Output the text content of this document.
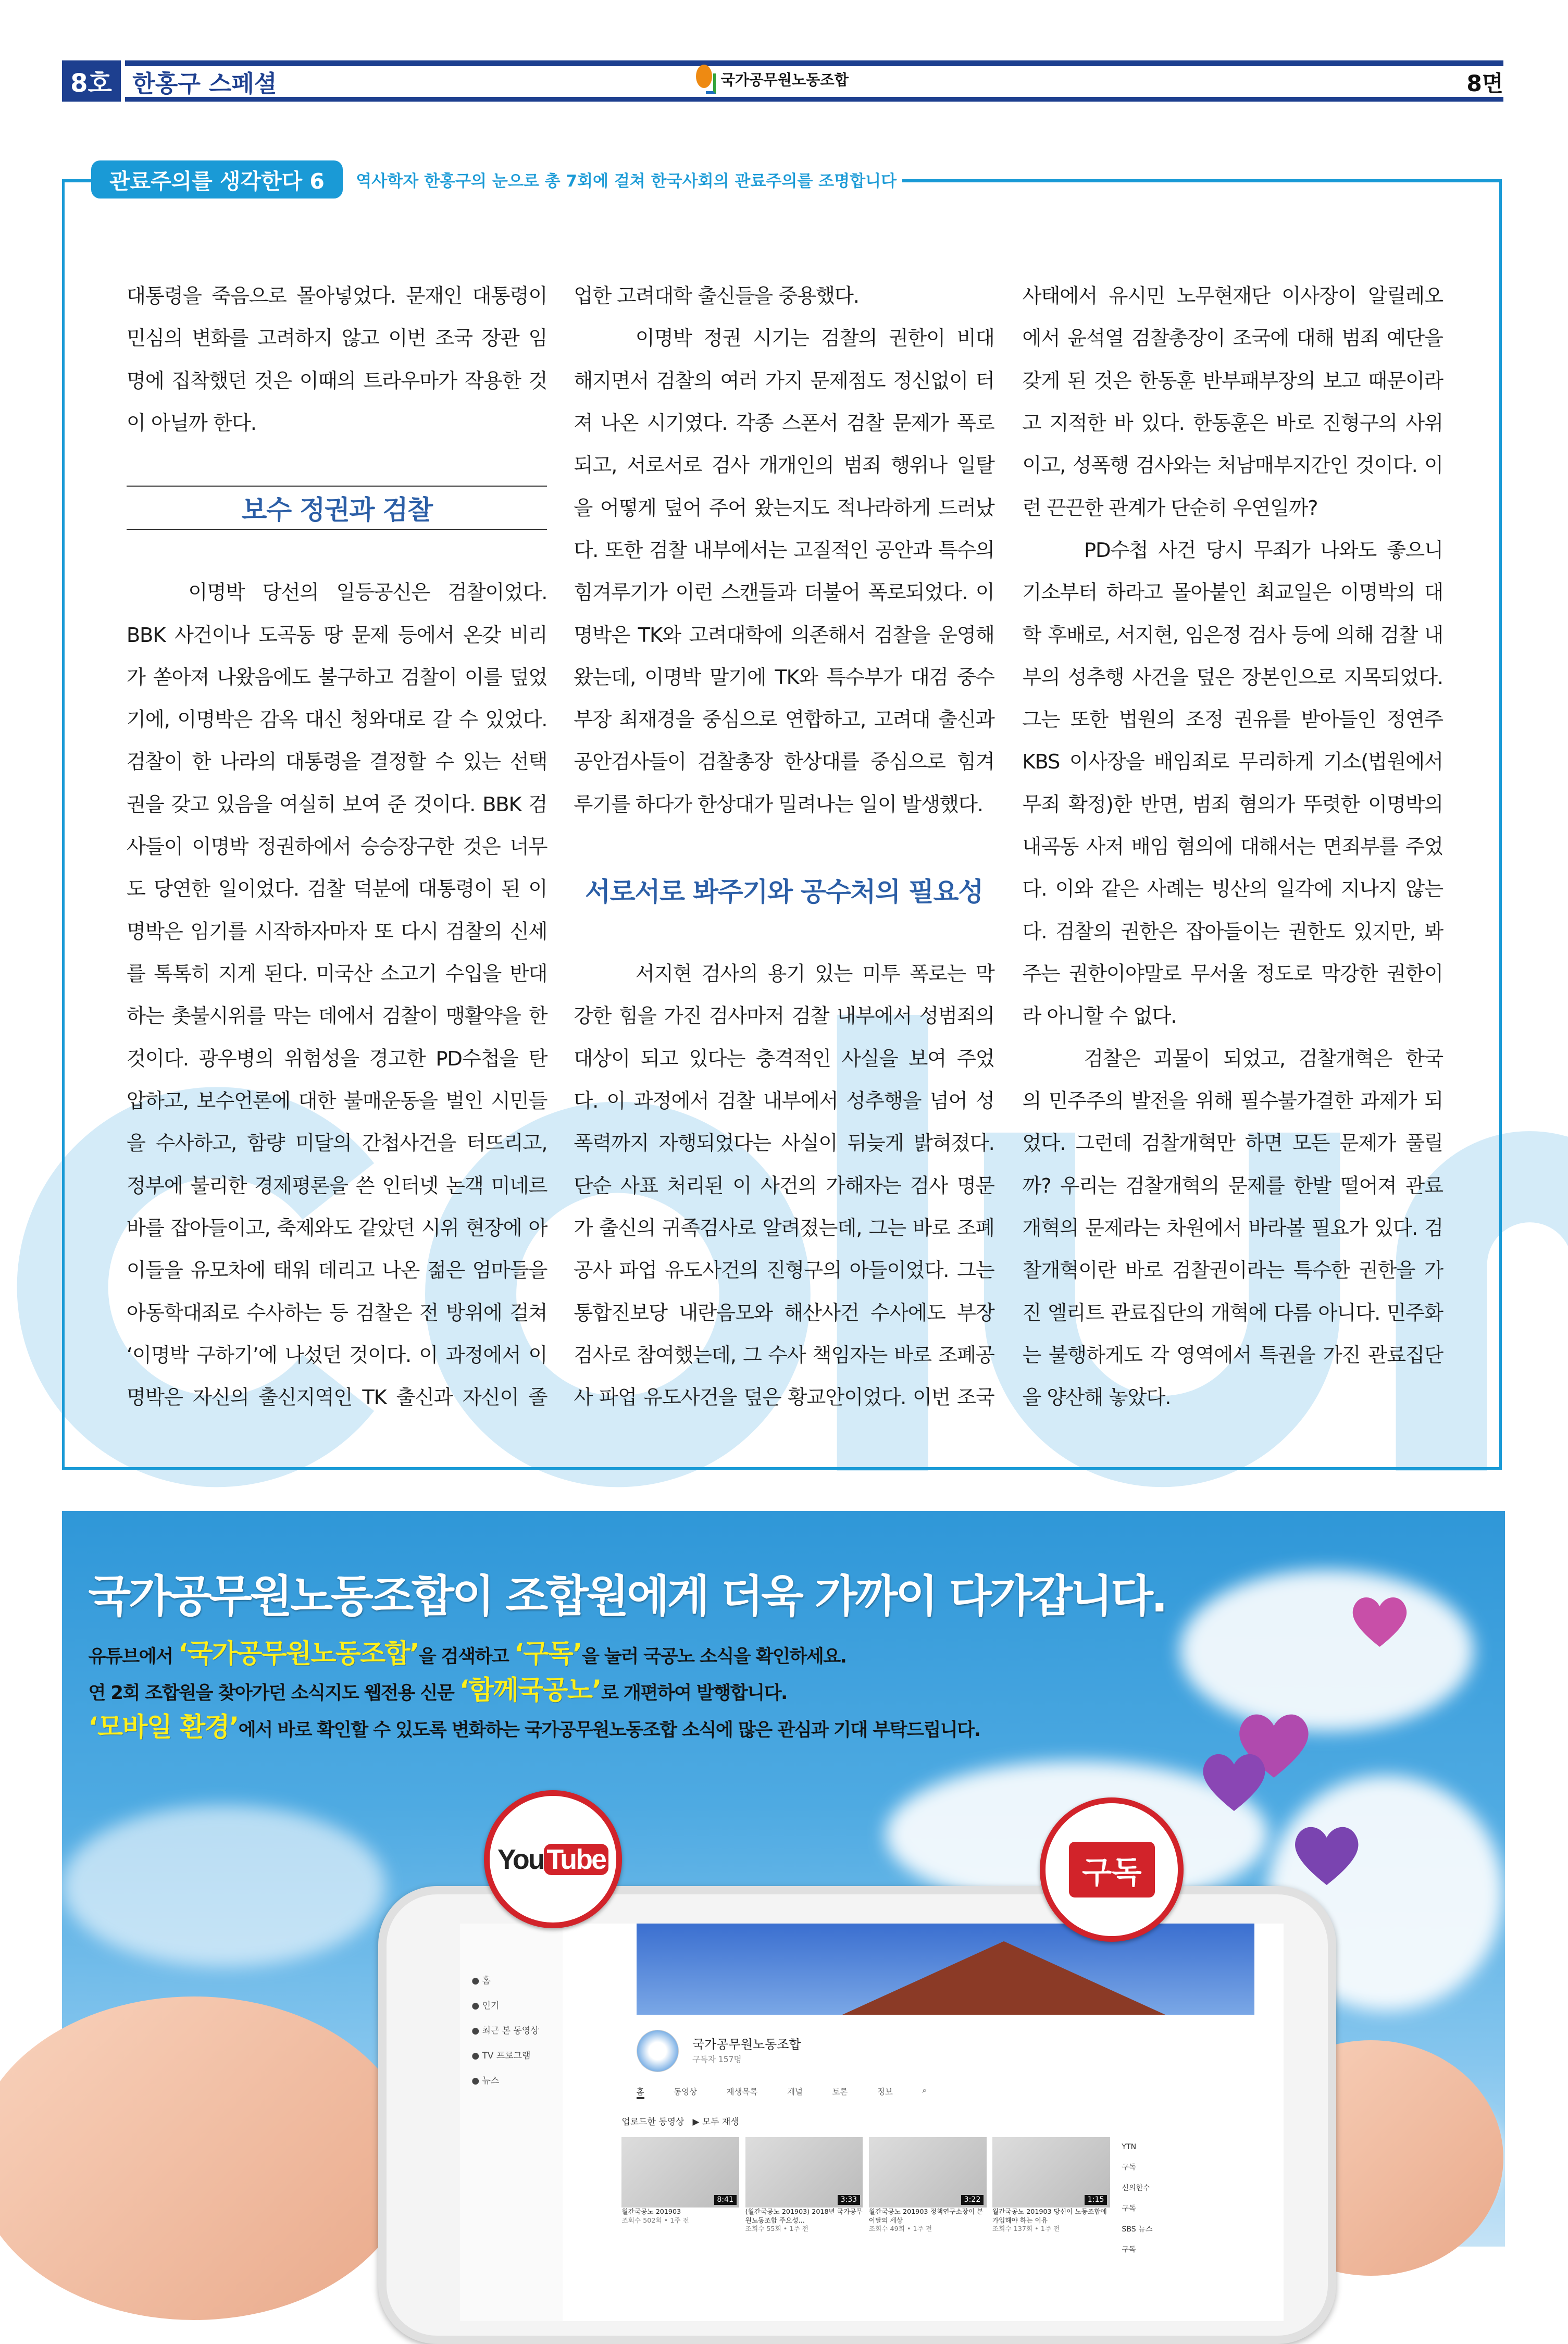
8호 한홍구 스페셜	국가공무원노동조합	8면
관료주의를 생각한다 6	역사학자 한홍구의 눈으로 총 7회에 걸쳐 한국사회의 관료주의를 조명합니다
대통령을 죽음으로 몰아넣었다. 문재인 대통령이
민심의 변화를 고려하지 않고 이번 조국 장관 임
명에 집착했던 것은 이때의 트라우마가 작용한 것
이 아닐까 한다.
보수 정권과 검찰
이명박 당선의 일등공신은 검찰이었다.
BBK 사건이나 도곡동 땅 문제 등에서 온갖 비리
가 쏟아져 나왔음에도 불구하고 검찰이 이를 덮었
기에, 이명박은 감옥 대신 청와대로 갈 수 있었다.
검찰이 한 나라의 대통령을 결정할 수 있는 선택
권을 갖고 있음을 여실히 보여 준 것이다. BBK 검
사들이 이명박 정권하에서 승승장구한 것은 너무
도 당연한 일이었다. 검찰 덕분에 대통령이 된 이
명박은 임기를 시작하자마자 또 다시 검찰의 신세
를 톡톡히 지게 된다. 미국산 소고기 수입을 반대
하는 촛불시위를 막는 데에서 검찰이 맹활약을 한
것이다. 광우병의 위험성을 경고한 PD수첩을 탄
압하고, 보수언론에 대한 불매운동을 벌인 시민들
을 수사하고, 함량 미달의 간첩사건을 터뜨리고,
정부에 불리한 경제평론을 쓴 인터넷 논객 미네르
바를 잡아들이고, 축제와도 같았던 시위 현장에 아
이들을 유모차에 태워 데리고 나온 젊은 엄마들을
아동학대죄로 수사하는 등 검찰은 전 방위에 걸쳐
‘이명박 구하기’에 나섰던 것이다. 이 과정에서 이
명박은 자신의 출신지역인 TK 출신과 자신이 졸
업한 고려대학 출신들을 중용했다.
이명박 정권 시기는 검찰의 권한이 비대
해지면서 검찰의 여러 가지 문제점도 정신없이 터
져 나온 시기였다. 각종 스폰서 검찰 문제가 폭로
되고, 서로서로 검사 개개인의 범죄 행위나 일탈
을 어떻게 덮어 주어 왔는지도 적나라하게 드러났
다. 또한 검찰 내부에서는 고질적인 공안과 특수의
힘겨루기가 이런 스캔들과 더불어 폭로되었다. 이
명박은 TK와 고려대학에 의존해서 검찰을 운영해
왔는데, 이명박 말기에 TK와 특수부가 대검 중수
부장 최재경을 중심으로 연합하고, 고려대 출신과
공안검사들이 검찰총장 한상대를 중심으로 힘겨
루기를 하다가 한상대가 밀려나는 일이 발생했다.
서로서로 봐주기와 공수처의 필요성
서지현 검사의 용기 있는 미투 폭로는 막
강한 힘을 가진 검사마저 검찰 내부에서 성범죄의
대상이 되고 있다는 충격적인 사실을 보여 주었
다. 이 과정에서 검찰 내부에서 성추행을 넘어 성
폭력까지 자행되었다는 사실이 뒤늦게 밝혀졌다.
단순 사표 처리된 이 사건의 가해자는 검사 명문
가 출신의 귀족검사로 알려졌는데, 그는 바로 조폐
공사 파업 유도사건의 진형구의 아들이었다. 그는
통합진보당 내란음모와 해산사건 수사에도 부장
검사로 참여했는데, 그 수사 책임자는 바로 조폐공
사 파업 유도사건을 덮은 황교안이었다. 이번 조국
사태에서 유시민 노무현재단 이사장이 알릴레오
에서 윤석열 검찰총장이 조국에 대해 범죄 예단을
갖게 된 것은 한동훈 반부패부장의 보고 때문이라
고 지적한 바 있다. 한동훈은 바로 진형구의 사위
이고, 성폭행 검사와는 처남매부지간인 것이다. 이
런 끈끈한 관계가 단순히 우연일까?
PD수첩 사건 당시 무죄가 나와도 좋으니
기소부터 하라고 몰아붙인 최교일은 이명박의 대
학 후배로, 서지현, 임은정 검사 등에 의해 검찰 내
부의 성추행 사건을 덮은 장본인으로 지목되었다.
그는 또한 법원의 조정 권유를 받아들인 정연주
KBS 이사장을 배임죄로 무리하게 기소(법원에서
무죄 확정)한 반면, 범죄 혐의가 뚜렷한 이명박의
내곡동 사저 배임 혐의에 대해서는 면죄부를 주었
다. 이와 같은 사례는 빙산의 일각에 지나지 않는
다. 검찰의 권한은 잡아들이는 권한도 있지만, 봐
주는 권한이야말로 무서울 정도로 막강한 권한이
라 아니할 수 없다.
검찰은 괴물이 되었고, 검찰개혁은 한국
의 민주주의 발전을 위해 필수불가결한 과제가 되
었다. 그런데 검찰개혁만 하면 모든 문제가 풀릴
까? 우리는 검찰개혁의 문제를 한발 떨어져 관료
개혁의 문제라는 차원에서 바라볼 필요가 있다. 검
찰개혁이란 바로 검찰권이라는 특수한 권한을 가
진 엘리트 관료집단의 개혁에 다름 아니다. 민주화
는 불행하게도 각 영역에서 특권을 가진 관료집단
을 양산해 놓았다.
국가공무원노동조합이 조합원에게 더욱 가까이 다가갑니다.
유튜브에서 ‘국가공무원노동조합’을 검색하고 ‘구독’을 눌러 국공노 소식을 확인하세요.
연 2회 조합원을 찾아가던 소식지도 웹전용 신문 ‘함께국공노’로 개편하여 발행합니다.
‘모바일 환경’에서 바로 확인할 수 있도록 변화하는 국가공무원노동조합 소식에 많은 관심과 기대 부탁드립니다.
● 홈
● 인기
● 최근 본 동영상
● TV 프로그램
● 뉴스
국가공무원노동조합
구독자 157명
홈	동영상	재생목록	채널	토론	정보	⌕
업로드한 동영상 ▶ 모두 재생
8:41
월간국공노 201903
조회수 502회 • 1주 전
3:33
(월간국공노 201903) 2018년 국가공무원노동조합 주요성...
조회수 55회 • 1주 전
3:22
월간국공노 201903 정책연구소장이 본 이달의 세상
조회수 49회 • 1주 전
1:15
월간국공노 201903 당신이 노동조합에 가입해야 하는 이유
조회수 137회 • 1주 전
YTN
구독
신의한수
구독
SBS 뉴스
구독
You Tube	구독
